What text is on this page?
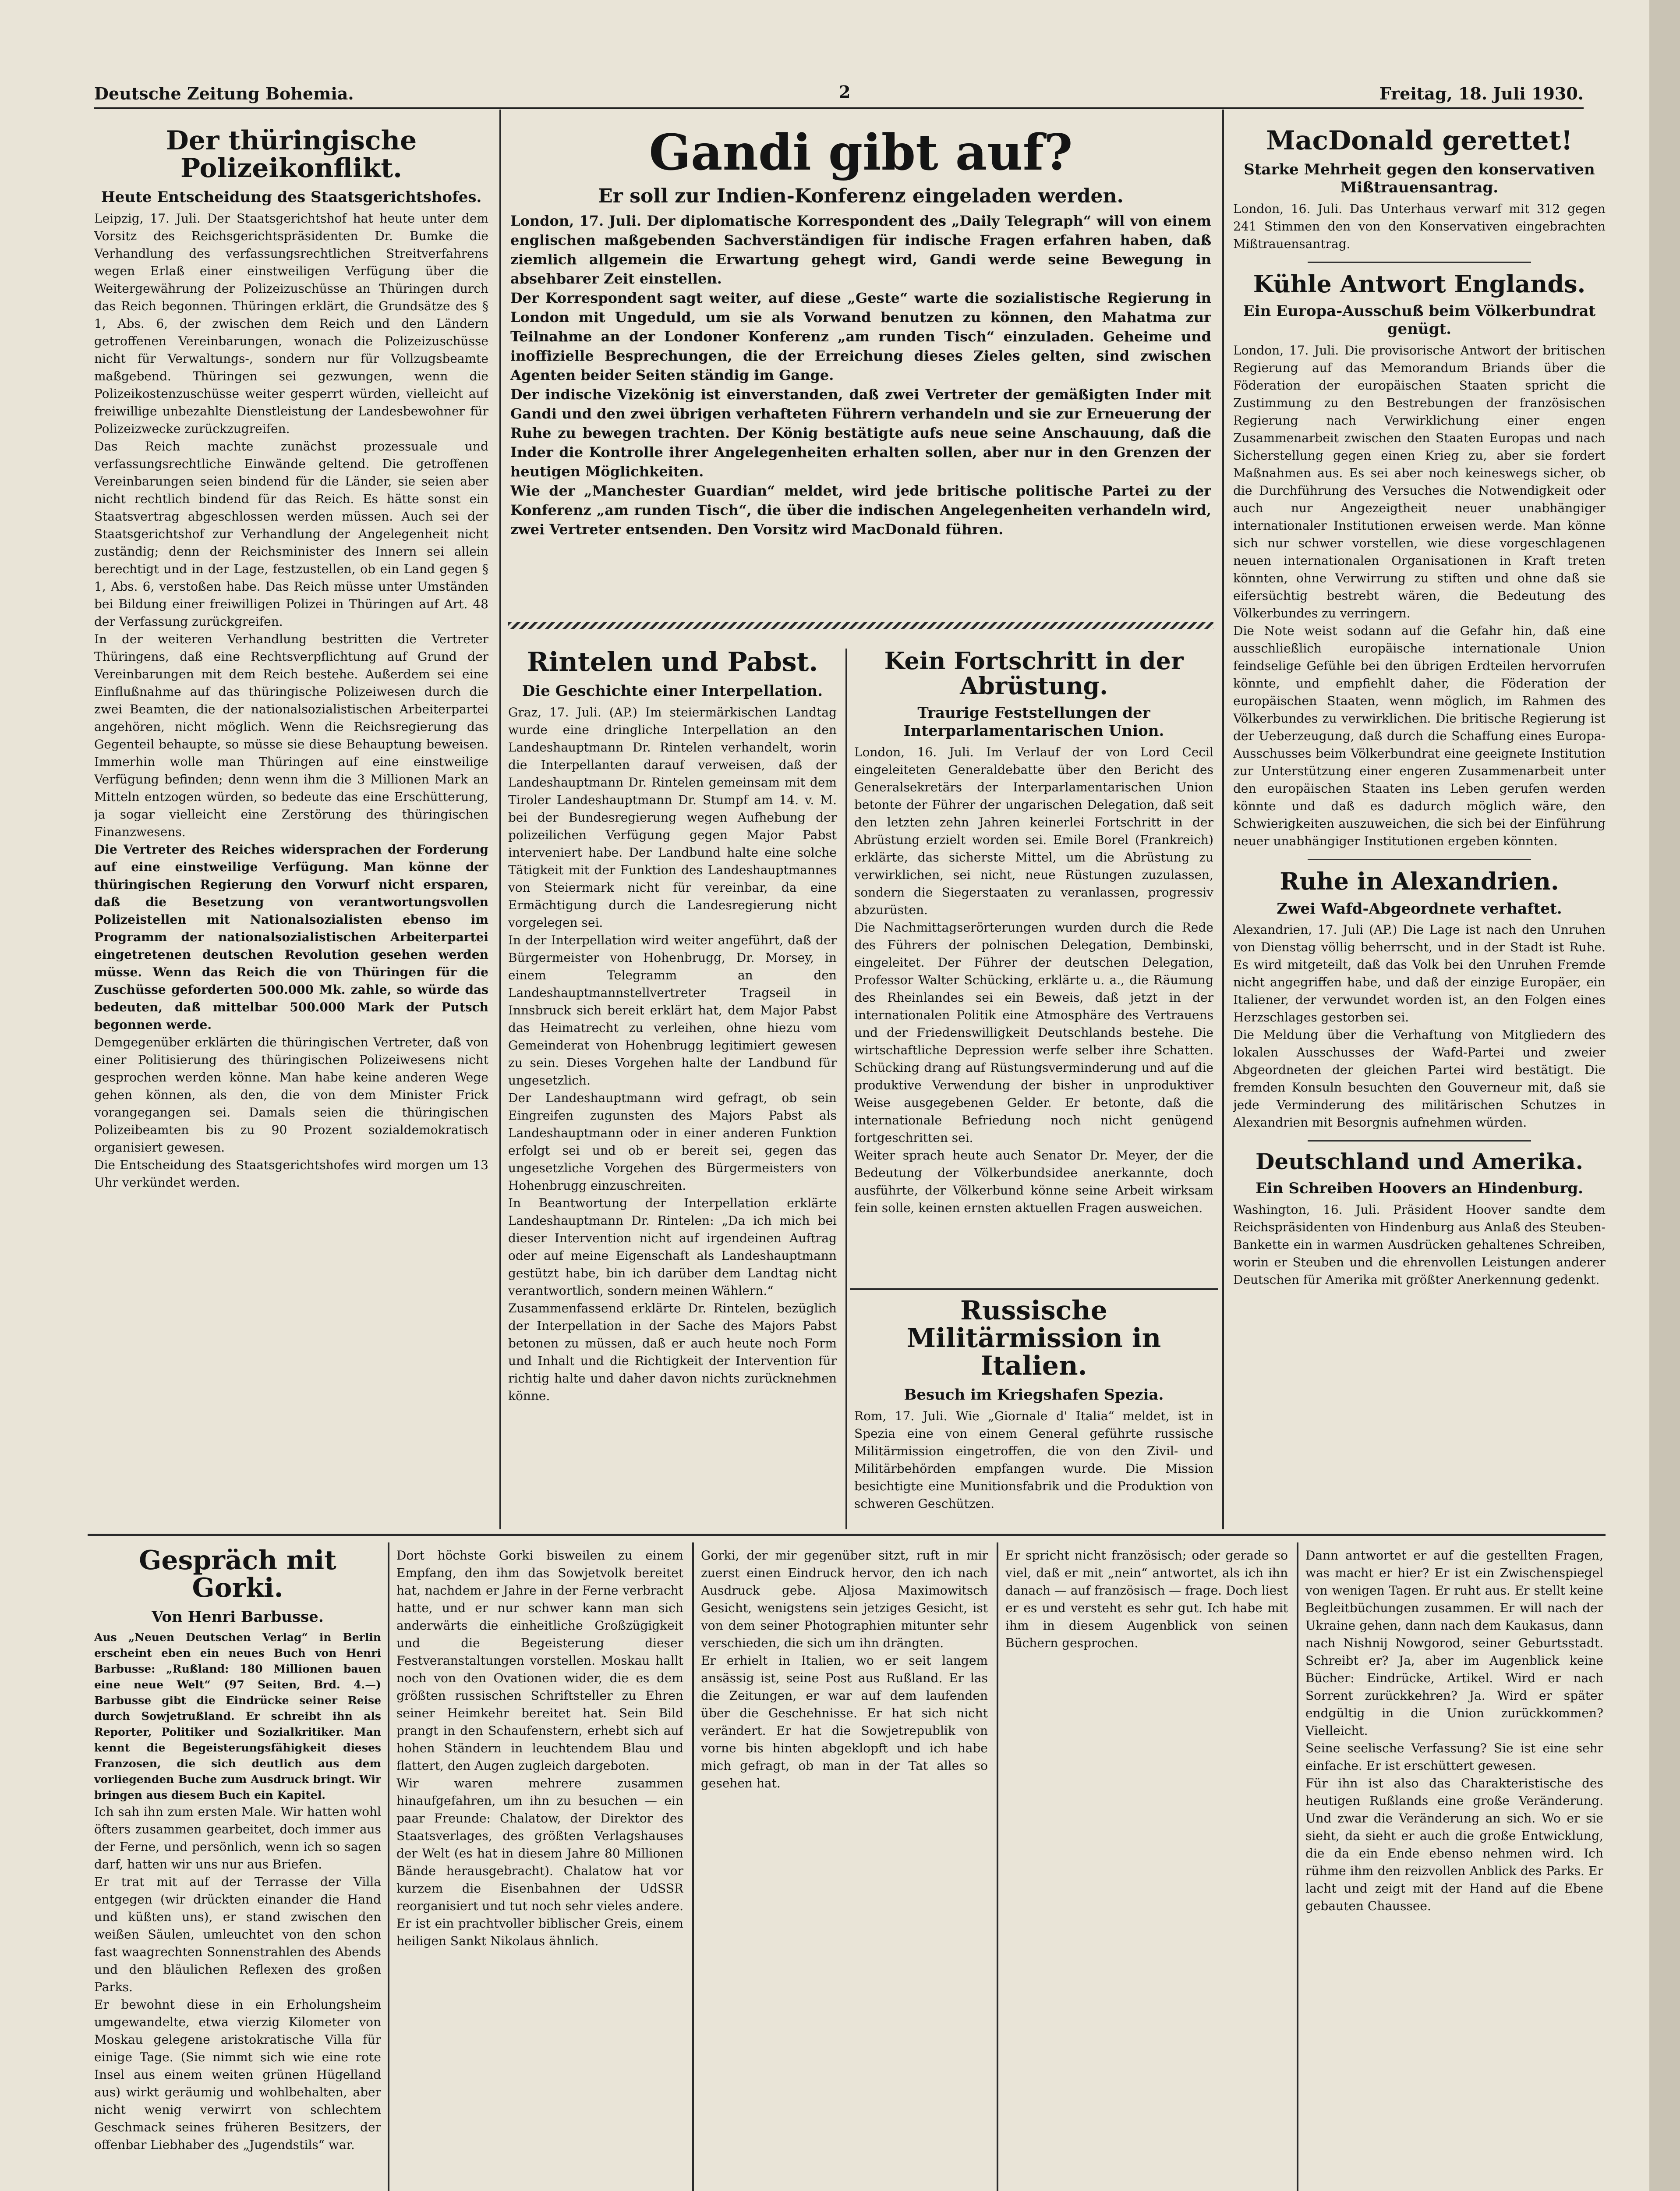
Deutsche Zeitung Bohemia.	2	Freitag, 18. Juli 1930.
Der thüringische Polizeikonflikt.
Heute Entscheidung des Staatsgerichtshofes.

Leipzig, 17. Juli. Der Staatsgerichtshof hat heute unter dem Vorsitz des Reichsgerichtspräsidenten Dr. Bumke die Verhandlung des verfassungsrechtlichen Streitverfahrens wegen Erlaß einer einstweiligen Verfügung über die Weitergewährung der Polizeizuschüsse an Thüringen durch das Reich begonnen. Thüringen erklärt, die Grundsätze des § 1, Abs. 6, der zwischen dem Reich und den Ländern getroffenen Vereinbarungen, wonach die Polizeizuschüsse nicht für Verwaltungs-, sondern nur für Vollzugsbeamte maßgebend. Thüringen sei gezwungen, wenn die Polizeikostenzuschüsse weiter gesperrt würden, vielleicht auf freiwillige unbezahlte Dienstleistung der Landesbewohner für Polizeizwecke zurückzugreifen.

Das Reich machte zunächst prozessuale und verfassungsrechtliche Einwände geltend. Die getroffenen Vereinbarungen seien bindend für die Länder, sie seien aber nicht rechtlich bindend für das Reich. Es hätte sonst ein Staatsvertrag abgeschlossen werden müssen. Auch sei der Staatsgerichtshof zur Verhandlung der Angelegenheit nicht zuständig; denn der Reichsminister des Innern sei allein berechtigt und in der Lage, festzustellen, ob ein Land gegen § 1, Abs. 6, verstoßen habe. Das Reich müsse unter Umständen bei Bildung einer freiwilligen Polizei in Thüringen auf Art. 48 der Verfassung zurückgreifen.

In der weiteren Verhandlung bestritten die Vertreter Thüringens, daß eine Rechtsverpflichtung auf Grund der Vereinbarungen mit dem Reich bestehe. Außerdem sei eine Einflußnahme auf das thüringische Polizeiwesen durch die zwei Beamten, die der nationalsozialistischen Arbeiterpartei angehören, nicht möglich. Wenn die Reichsregierung das Gegenteil behaupte, so müsse sie diese Behauptung beweisen. Immerhin wolle man Thüringen auf eine einstweilige Verfügung befinden; denn wenn ihm die 3 Millionen Mark an Mitteln entzogen würden, so bedeute das eine Erschütterung, ja sogar vielleicht eine Zerstörung des thüringischen Finanzwesens.

Die Vertreter des Reiches widersprachen der Forderung auf eine einstweilige Verfügung. Man könne der thüringischen Regierung den Vorwurf nicht ersparen, daß die Besetzung von verantwortungsvollen Polizeistellen mit Nationalsozialisten ebenso im Programm der nationalsozialistischen Arbeiterpartei eingetretenen deutschen Revolution gesehen werden müsse. Wenn das Reich die von Thüringen für die Zuschüsse geforderten 500.000 Mk. zahle, so würde das bedeuten, daß mittelbar 500.000 Mark der Putsch begonnen werde.

Demgegenüber erklärten die thüringischen Vertreter, daß von einer Politisierung des thüringischen Polizeiwesens nicht gesprochen werden könne. Man habe keine anderen Wege gehen können, als den, die von dem Minister Frick vorangegangen sei. Damals seien die thüringischen Polizeibeamten bis zu 90 Prozent sozialdemokratisch organisiert gewesen.

Die Entscheidung des Staatsgerichtshofes wird morgen um 13 Uhr verkündet werden.

Gandi gibt auf?
Er soll zur Indien-Konferenz eingeladen werden.

London, 17. Juli. Der diplomatische Korrespondent des „Daily Telegraph“ will von einem englischen maßgebenden Sachverständigen für indische Fragen erfahren haben, daß ziemlich allgemein die Erwartung gehegt wird, Gandi werde seine Bewegung in absehbarer Zeit einstellen.

Der Korrespondent sagt weiter, auf diese „Geste“ warte die sozialistische Regierung in London mit Ungeduld, um sie als Vorwand benutzen zu können, den Mahatma zur Teilnahme an der Londoner Konferenz „am runden Tisch“ einzuladen. Geheime und inoffizielle Besprechungen, die der Erreichung dieses Zieles gelten, sind zwischen Agenten beider Seiten ständig im Gange.

Der indische Vizekönig ist einverstanden, daß zwei Vertreter der gemäßigten Inder mit Gandi und den zwei übrigen verhafteten Führern verhandeln und sie zur Erneuerung der Ruhe zu bewegen trachten. Der König bestätigte aufs neue seine Anschauung, daß die Inder die Kontrolle ihrer Angelegenheiten erhalten sollen, aber nur in den Grenzen der heutigen Möglichkeiten.

Wie der „Manchester Guardian“ meldet, wird jede britische politische Partei zu der Konferenz „am runden Tisch“, die über die indischen Angelegenheiten verhandeln wird, zwei Vertreter entsenden. Den Vorsitz wird MacDonald führen.

Rintelen und Pabst.
Die Geschichte einer Interpellation.

Graz, 17. Juli. (AP.) Im steiermärkischen Landtag wurde eine dringliche Interpellation an den Landeshauptmann Dr. Rintelen verhandelt, worin die Interpellanten darauf verweisen, daß der Landeshauptmann Dr. Rintelen gemeinsam mit dem Tiroler Landeshauptmann Dr. Stumpf am 14. v. M. bei der Bundesregierung wegen Aufhebung der polizeilichen Verfügung gegen Major Pabst interveniert habe. Der Landbund halte eine solche Tätigkeit mit der Funktion des Landeshauptmannes von Steiermark nicht für vereinbar, da eine Ermächtigung durch die Landesregierung nicht vorgelegen sei.

In der Interpellation wird weiter angeführt, daß der Bürgermeister von Hohenbrugg, Dr. Morsey, in einem Telegramm an den Landeshauptmannstellvertreter Tragseil in Innsbruck sich bereit erklärt hat, dem Major Pabst das Heimatrecht zu verleihen, ohne hiezu vom Gemeinderat von Hohenbrugg legitimiert gewesen zu sein. Dieses Vorgehen halte der Landbund für ungesetzlich.

Der Landeshauptmann wird gefragt, ob sein Eingreifen zugunsten des Majors Pabst als Landeshauptmann oder in einer anderen Funktion erfolgt sei und ob er bereit sei, gegen das ungesetzliche Vorgehen des Bürgermeisters von Hohenbrugg einzuschreiten.

In Beantwortung der Interpellation erklärte Landeshauptmann Dr. Rintelen: „Da ich mich bei dieser Intervention nicht auf irgendeinen Auftrag oder auf meine Eigenschaft als Landeshauptmann gestützt habe, bin ich darüber dem Landtag nicht verantwortlich, sondern meinen Wählern.“

Zusammenfassend erklärte Dr. Rintelen, bezüglich der Interpellation in der Sache des Majors Pabst betonen zu müssen, daß er auch heute noch Form und Inhalt und die Richtigkeit der Intervention für richtig halte und daher davon nichts zurücknehmen könne.

Kein Fortschritt in der Abrüstung.
Traurige Feststellungen der Interparlamentarischen Union.

London, 16. Juli. Im Verlauf der von Lord Cecil eingeleiteten Generaldebatte über den Bericht des Generalsekretärs der Interparlamentarischen Union betonte der Führer der ungarischen Delegation, daß seit den letzten zehn Jahren keinerlei Fortschritt in der Abrüstung erzielt worden sei. Emile Borel (Frankreich) erklärte, das sicherste Mittel, um die Abrüstung zu verwirklichen, sei nicht, neue Rüstungen zuzulassen, sondern die Siegerstaaten zu veranlassen, progressiv abzurüsten.

Die Nachmittagserörterungen wurden durch die Rede des Führers der polnischen Delegation, Dembinski, eingeleitet. Der Führer der deutschen Delegation, Professor Walter Schücking, erklärte u. a., die Räumung des Rheinlandes sei ein Beweis, daß jetzt in der internationalen Politik eine Atmosphäre des Vertrauens und der Friedenswilligkeit Deutschlands bestehe. Die wirtschaftliche Depression werfe selber ihre Schatten. Schücking drang auf Rüstungsverminderung und auf die produktive Verwendung der bisher in unproduktiver Weise ausgegebenen Gelder. Er betonte, daß die internationale Befriedung noch nicht genügend fortgeschritten sei.

Weiter sprach heute auch Senator Dr. Meyer, der die Bedeutung der Völkerbundsidee anerkannte, doch ausführte, der Völkerbund könne seine Arbeit wirksam fein solle, keinen ernsten aktuellen Fragen ausweichen.

Russische Militärmission in Italien.
Besuch im Kriegshafen Spezia.

Rom, 17. Juli. Wie „Giornale d' Italia“ meldet, ist in Spezia eine von einem General geführte russische Militärmission eingetroffen, die von den Zivil- und Militärbehörden empfangen wurde. Die Mission besichtigte eine Munitionsfabrik und die Produktion von schweren Geschützen.

MacDonald gerettet!
Starke Mehrheit gegen den konservativen Mißtrauensantrag.

London, 16. Juli. Das Unterhaus verwarf mit 312 gegen 241 Stimmen den von den Konservativen eingebrachten Mißtrauensantrag.

Kühle Antwort Englands.
Ein Europa-Ausschuß beim Völkerbundrat genügt.

London, 17. Juli. Die provisorische Antwort der britischen Regierung auf das Memorandum Briands über die Föderation der europäischen Staaten spricht die Zustimmung zu den Bestrebungen der französischen Regierung nach Verwirklichung einer engen Zusammenarbeit zwischen den Staaten Europas und nach Sicherstellung gegen einen Krieg zu, aber sie fordert Maßnahmen aus. Es sei aber noch keineswegs sicher, ob die Durchführung des Versuches die Notwendigkeit oder auch nur Angezeigtheit neuer unabhängiger internationaler Institutionen erweisen werde. Man könne sich nur schwer vorstellen, wie diese vorgeschlagenen neuen internationalen Organisationen in Kraft treten könnten, ohne Verwirrung zu stiften und ohne daß sie eifersüchtig bestrebt wären, die Bedeutung des Völkerbundes zu verringern.

Die Note weist sodann auf die Gefahr hin, daß eine ausschließlich europäische internationale Union feindselige Gefühle bei den übrigen Erdteilen hervorrufen könnte, und empfiehlt daher, die Föderation der europäischen Staaten, wenn möglich, im Rahmen des Völkerbundes zu verwirklichen. Die britische Regierung ist der Ueberzeugung, daß durch die Schaffung eines Europa-Ausschusses beim Völkerbundrat eine geeignete Institution zur Unterstützung einer engeren Zusammenarbeit unter den europäischen Staaten ins Leben gerufen werden könnte und daß es dadurch möglich wäre, den Schwierigkeiten auszuweichen, die sich bei der Einführung neuer unabhängiger Institutionen ergeben könnten.

Ruhe in Alexandrien.
Zwei Wafd-Abgeordnete verhaftet.

Alexandrien, 17. Juli (AP.) Die Lage ist nach den Unruhen von Dienstag völlig beherrscht, und in der Stadt ist Ruhe. Es wird mitgeteilt, daß das Volk bei den Unruhen Fremde nicht angegriffen habe, und daß der einzige Europäer, ein Italiener, der verwundet worden ist, an den Folgen eines Herzschlages gestorben sei.

Die Meldung über die Verhaftung von Mitgliedern des lokalen Ausschusses der Wafd-Partei und zweier Abgeordneten der gleichen Partei wird bestätigt. Die fremden Konsuln besuchten den Gouverneur mit, daß sie jede Verminderung des militärischen Schutzes in Alexandrien mit Besorgnis aufnehmen würden.

Deutschland und Amerika.
Ein Schreiben Hoovers an Hindenburg.

Washington, 16. Juli. Präsident Hoover sandte dem Reichspräsidenten von Hindenburg aus Anlaß des Steuben-Bankette ein in warmen Ausdrücken gehaltenes Schreiben, worin er Steuben und die ehrenvollen Leistungen anderer Deutschen für Amerika mit größter Anerkennung gedenkt.

Gespräch mit Gorki.
Von Henri Barbusse.

Aus „Neuen Deutschen Verlag“ in Berlin erscheint eben ein neues Buch von Henri Barbusse: „Rußland: 180 Millionen bauen eine neue Welt“ (97 Seiten, Brd. 4.—) Barbusse gibt die Eindrücke seiner Reise durch Sowjetrußland. Er schreibt ihn als Reporter, Politiker und Sozialkritiker. Man kennt die Begeisterungsfähigkeit dieses Franzosen, die sich deutlich aus dem vorliegenden Buche zum Ausdruck bringt. Wir bringen aus diesem Buch ein Kapitel.

Ich sah ihn zum ersten Male. Wir hatten wohl öfters zusammen gearbeitet, doch immer aus der Ferne, und persönlich, wenn ich so sagen darf, hatten wir uns nur aus Briefen.

Er trat mit auf der Terrasse der Villa entgegen (wir drückten einander die Hand und küßten uns), er stand zwischen den weißen Säulen, umleuchtet von den schon fast waagrechten Sonnenstrahlen des Abends und den bläulichen Reflexen des großen Parks.

Er bewohnt diese in ein Erholungsheim umgewandelte, etwa vierzig Kilometer von Moskau gelegene aristokratische Villa für einige Tage. (Sie nimmt sich wie eine rote Insel aus einem weiten grünen Hügelland aus) wirkt geräumig und wohlbehalten, aber nicht wenig verwirrt von schlechtem Geschmack seines früheren Besitzers, der offenbar Liebhaber des „Jugendstils“ war.

Dort höchste Gorki bisweilen zu einem Empfang, den ihm das Sowjetvolk bereitet hat, nachdem er Jahre in der Ferne verbracht hatte, und er nur schwer kann man sich anderwärts die einheitliche Großzügigkeit und die Begeisterung dieser Festveranstaltungen vorstellen. Moskau hallt noch von den Ovationen wider, die es dem größten russischen Schriftsteller zu Ehren seiner Heimkehr bereitet hat. Sein Bild prangt in den Schaufenstern, erhebt sich auf hohen Ständern in leuchtendem Blau und flattert, den Augen zugleich dargeboten.

Wir waren mehrere zusammen hinaufgefahren, um ihn zu besuchen — ein paar Freunde: Chalatow, der Direktor des Staatsverlages, des größten Verlagshauses der Welt (es hat in diesem Jahre 80 Millionen Bände herausgebracht). Chalatow hat vor kurzem die Eisenbahnen der UdSSR reorganisiert und tut noch sehr vieles andere. Er ist ein prachtvoller biblischer Greis, einem heiligen Sankt Nikolaus ähnlich.

Gorki, der mir gegenüber sitzt, ruft in mir zuerst einen Eindruck hervor, den ich nach Ausdruck gebe. Aljosa Maximowitsch Gesicht, wenigstens sein jetziges Gesicht, ist von dem seiner Photographien mitunter sehr verschieden, die sich um ihn drängten.

Er erhielt in Italien, wo er seit langem ansässig ist, seine Post aus Rußland. Er las die Zeitungen, er war auf dem laufenden über die Geschehnisse. Er hat sich nicht verändert. Er hat die Sowjetrepublik von vorne bis hinten abgeklopft und ich habe mich gefragt, ob man in der Tat alles so gesehen hat.

Er spricht nicht französisch; oder gerade so viel, daß er mit „nein“ antwortet, als ich ihn danach — auf französisch — frage. Doch liest er es und versteht es sehr gut. Ich habe mit ihm in diesem Augenblick von seinen Büchern gesprochen.

Dann antwortet er auf die gestellten Fragen, was macht er hier? Er ist ein Zwischenspiegel von wenigen Tagen. Er ruht aus. Er stellt keine Begleitbüchungen zusammen. Er will nach der Ukraine gehen, dann nach dem Kaukasus, dann nach Nishnij Nowgorod, seiner Geburtsstadt. Schreibt er? Ja, aber im Augenblick keine Bücher: Eindrücke, Artikel. Wird er nach Sorrent zurückkehren? Ja. Wird er später endgültig in die Union zurückkommen? Vielleicht.

Seine seelische Verfassung? Sie ist eine sehr einfache. Er ist erschüttert gewesen.

Für ihn ist also das Charakteristische des heutigen Rußlands eine große Veränderung. Und zwar die Veränderung an sich. Wo er sie sieht, da sieht er auch die große Entwicklung, die da ein Ende ebenso nehmen wird. Ich rühme ihm den reizvollen Anblick des Parks. Er lacht und zeigt mit der Hand auf die Ebene gebauten Chaussee.
